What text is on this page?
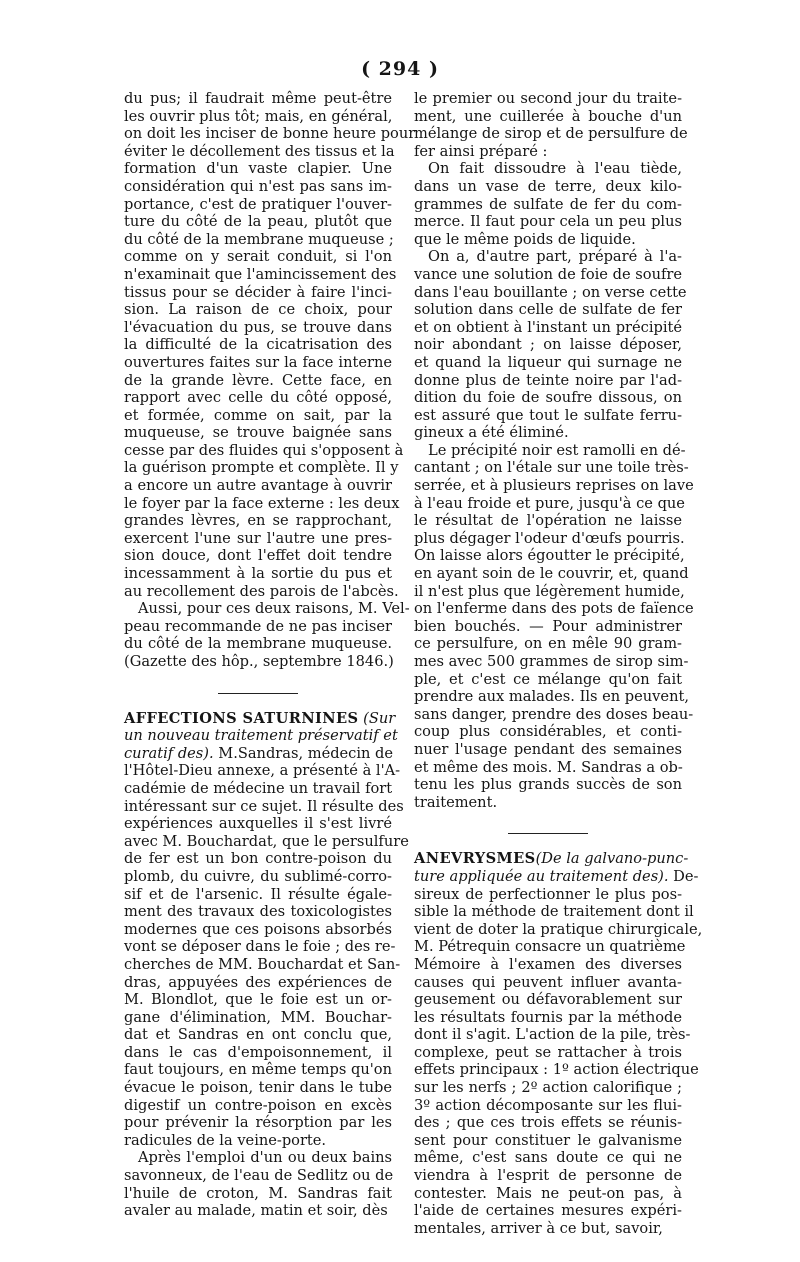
( 294 )
du pus; il faudrait même peut-être
les ouvrir plus tôt; mais, en général,
on doit les inciser de bonne heure pour
éviter le décollement des tissus et la
formation d'un vaste clapier. Une
considération qui n'est pas sans im-
portance, c'est de pratiquer l'ouver-
ture du côté de la peau, plutôt que
du côté de la membrane muqueuse ;
comme on y serait conduit, si l'on
n'examinait que l'amincissement des
tissus pour se décider à faire l'inci-
sion. La raison de ce choix, pour
l'évacuation du pus, se trouve dans
la difficulté de la cicatrisation des
ouvertures faites sur la face interne
de la grande lèvre. Cette face, en
rapport avec celle du côté opposé,
et formée, comme on sait, par la
muqueuse, se trouve baignée sans
cesse par des fluides qui s'opposent à
la guérison prompte et complète. Il y
a encore un autre avantage à ouvrir
le foyer par la face externe : les deux
grandes lèvres, en se rapprochant,
exercent l'une sur l'autre une pres-
sion douce, dont l'effet doit tendre
incessamment à la sortie du pus et
au recollement des parois de l'abcès.
Aussi, pour ces deux raisons, M. Vel-
peau recommande de ne pas inciser
du côté de la membrane muqueuse.
(Gazette des hôp., septembre 1846.)
AFFECTIONS SATURNINES (Sur
un nouveau traitement préservatif et
curatif des). M.Sandras, médecin de
l'Hôtel-Dieu annexe, a présenté à l'A-
cadémie de médecine un travail fort
intéressant sur ce sujet. Il résulte des
expériences auxquelles il s'est livré
avec M. Bouchardat, que le persulfure
de fer est un bon contre-poison du
plomb, du cuivre, du sublimé-corro-
sif et de l'arsenic. Il résulte égale-
ment des travaux des toxicologistes
modernes que ces poisons absorbés
vont se déposer dans le foie ; des re-
cherches de MM. Bouchardat et San-
dras, appuyées des expériences de
M. Blondlot, que le foie est un or-
gane d'élimination, MM. Bouchar-
dat et Sandras en ont conclu que,
dans le cas d'empoisonnement, il
faut toujours, en même temps qu'on
évacue le poison, tenir dans le tube
digestif un contre-poison en excès
pour prévenir la résorption par les
radicules de la veine-porte.
Après l'emploi d'un ou deux bains
savonneux, de l'eau de Sedlitz ou de
l'huile de croton, M. Sandras fait
avaler au malade, matin et soir, dès
le premier ou second jour du traite-
ment, une cuillerée à bouche d'un
mélange de sirop et de persulfure de
fer ainsi préparé :
On fait dissoudre à l'eau tiède,
dans un vase de terre, deux kilo-
grammes de sulfate de fer du com-
merce. Il faut pour cela un peu plus
que le même poids de liquide.
On a, d'autre part, préparé à l'a-
vance une solution de foie de soufre
dans l'eau bouillante ; on verse cette
solution dans celle de sulfate de fer
et on obtient à l'instant un précipité
noir abondant ; on laisse déposer,
et quand la liqueur qui surnage ne
donne plus de teinte noire par l'ad-
dition du foie de soufre dissous, on
est assuré que tout le sulfate ferru-
gineux a été éliminé.
Le précipité noir est ramolli en dé-
cantant ; on l'étale sur une toile très-
serrée, et à plusieurs reprises on lave
à l'eau froide et pure, jusqu'à ce que
le résultat de l'opération ne laisse
plus dégager l'odeur d'œufs pourris.
On laisse alors égoutter le précipité,
en ayant soin de le couvrir, et, quand
il n'est plus que légèrement humide,
on l'enferme dans des pots de faïence
bien bouchés. — Pour administrer
ce persulfure, on en mêle 90 gram-
mes avec 500 grammes de sirop sim-
ple, et c'est ce mélange qu'on fait
prendre aux malades. Ils en peuvent,
sans danger, prendre des doses beau-
coup plus considérables, et conti-
nuer l'usage pendant des semaines
et même des mois. M. Sandras a ob-
tenu les plus grands succès de son
traitement.
ANEVRYSMES(De la galvano-punc-
ture appliquée au traitement des). De-
sireux de perfectionner le plus pos-
sible la méthode de traitement dont il
vient de doter la pratique chirurgicale,
M. Pétrequin consacre un quatrième
Mémoire à l'examen des diverses
causes qui peuvent influer avanta-
geusement ou défavorablement sur
les résultats fournis par la méthode
dont il s'agit. L'action de la pile, très-
complexe, peut se rattacher à trois
effets principaux : 1º action électrique
sur les nerfs ; 2º action calorifique ;
3º action décomposante sur les flui-
des ; que ces trois effets se réunis-
sent pour constituer le galvanisme
même, c'est sans doute ce qui ne
viendra à l'esprit de personne de
contester. Mais ne peut-on pas, à
l'aide de certaines mesures expéri-
mentales, arriver à ce but, savoir,
